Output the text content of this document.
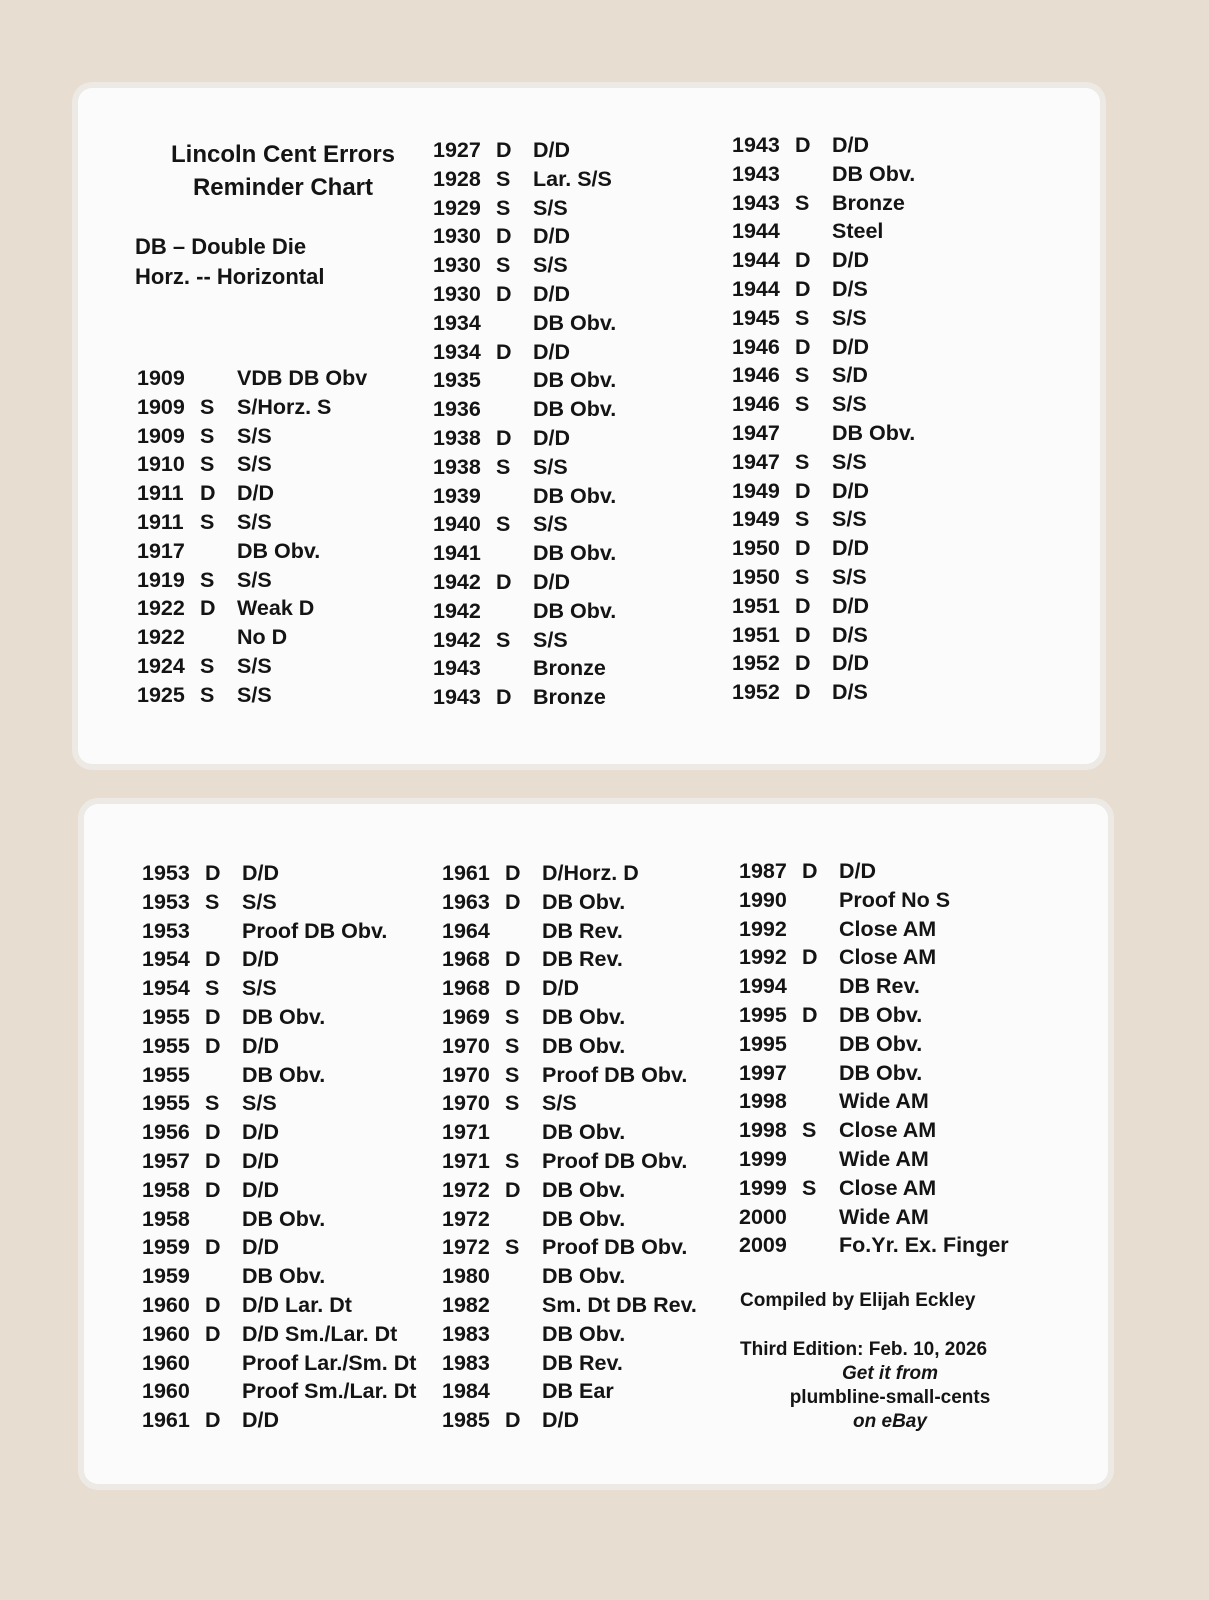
Lincoln Cent Errors
Reminder Chart
DB – Double Die
Horz. -- Horizontal
1909 VDB DB Obv
1909 S S/Horz. S
1909 S S/S
1910 S S/S
1911 D D/D
1911 S S/S
1917 DB Obv.
1919 S S/S
1922 D Weak D
1922 No D
1924 S S/S
1925 S S/S
1927 D D/D
1928 S Lar. S/S
1929 S S/S
1930 D D/D
1930 S S/S
1930 D D/D
1934 DB Obv.
1934 D D/D
1935 DB Obv.
1936 DB Obv.
1938 D D/D
1938 S S/S
1939 DB Obv.
1940 S S/S
1941 DB Obv.
1942 D D/D
1942 DB Obv.
1942 S S/S
1943 Bronze
1943 D Bronze
1943 D D/D
1943 DB Obv.
1943 S Bronze
1944 Steel
1944 D D/D
1944 D D/S
1945 S S/S
1946 D D/D
1946 S S/D
1946 S S/S
1947 DB Obv.
1947 S S/S
1949 D D/D
1949 S S/S
1950 D D/D
1950 S S/S
1951 D D/D
1951 D D/S
1952 D D/D
1952 D D/S
1953 D D/D
1953 S S/S
1953 Proof DB Obv.
1954 D D/D
1954 S S/S
1955 D DB Obv.
1955 D D/D
1955 DB Obv.
1955 S S/S
1956 D D/D
1957 D D/D
1958 D D/D
1958 DB Obv.
1959 D D/D
1959 DB Obv.
1960 D D/D Lar. Dt
1960 D D/D Sm./Lar. Dt
1960 Proof Lar./Sm. Dt
1960 Proof Sm./Lar. Dt
1961 D D/D
1961 D D/Horz. D
1963 D DB Obv.
1964 DB Rev.
1968 D DB Rev.
1968 D D/D
1969 S DB Obv.
1970 S DB Obv.
1970 S Proof DB Obv.
1970 S S/S
1971 DB Obv.
1971 S Proof DB Obv.
1972 D DB Obv.
1972 DB Obv.
1972 S Proof DB Obv.
1980 DB Obv.
1982 Sm. Dt DB Rev.
1983 DB Obv.
1983 DB Rev.
1984 DB Ear
1985 D D/D
1987 D D/D
1990 Proof No S
1992 Close AM
1992 D Close AM
1994 DB Rev.
1995 D DB Obv.
1995 DB Obv.
1997 DB Obv.
1998 Wide AM
1998 S Close AM
1999 Wide AM
1999 S Close AM
2000 Wide AM
2009 Fo.Yr. Ex. Finger
Compiled by Elijah Eckley
Third Edition: Feb. 10, 2026
Get it from
plumbline-small-cents
on eBay
